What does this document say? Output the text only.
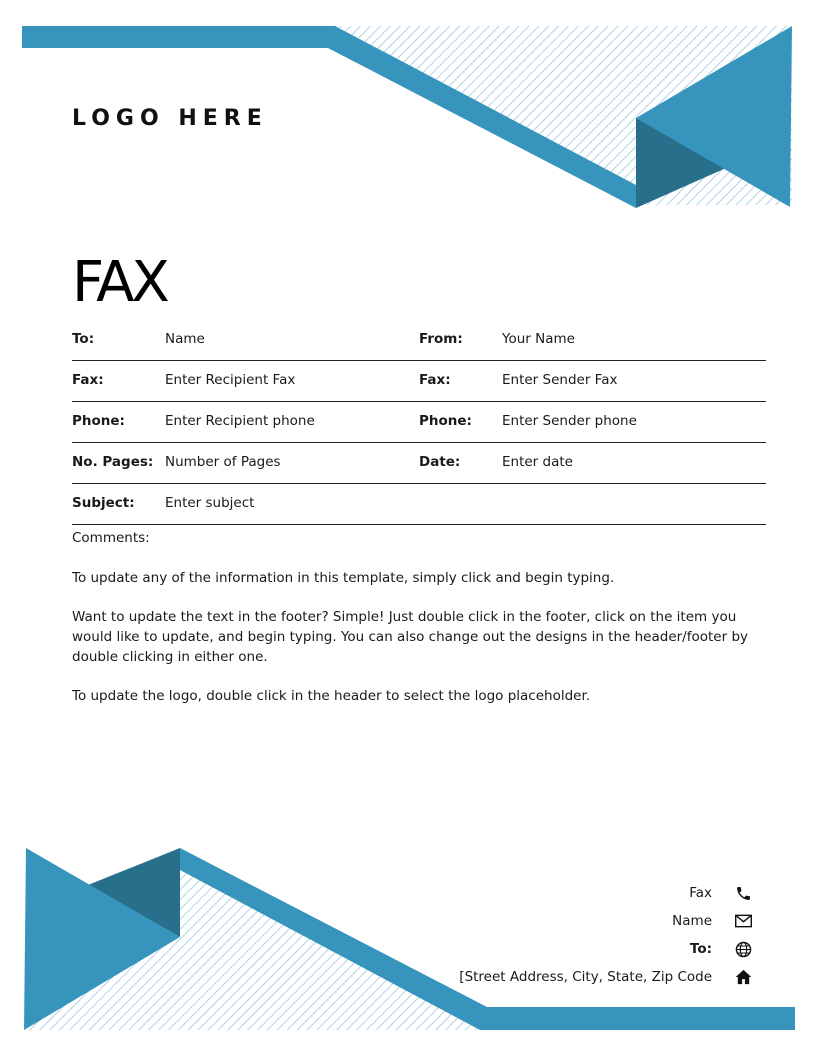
LOGO HERE
FAX
To:	Name	From:	Your Name
Fax:	Enter Recipient Fax	Fax:	Enter Sender Fax
Phone:	Enter Recipient phone	Phone: Enter Sender phone
No. Pages: Number of Pages	Date:	Enter date
Subject: Enter subject

Comments:

To update any of the information in this template, simply click and begin typing.

Want to update the text in the footer? Simple! Just double click in the footer, click on the item you would like to update, and begin typing. You can also change out the designs in the header/footer by double clicking in either one.

To update the logo, double click in the header to select the logo placeholder.

Fax
Name
To:
[Street Address, City, State, Zip Code
